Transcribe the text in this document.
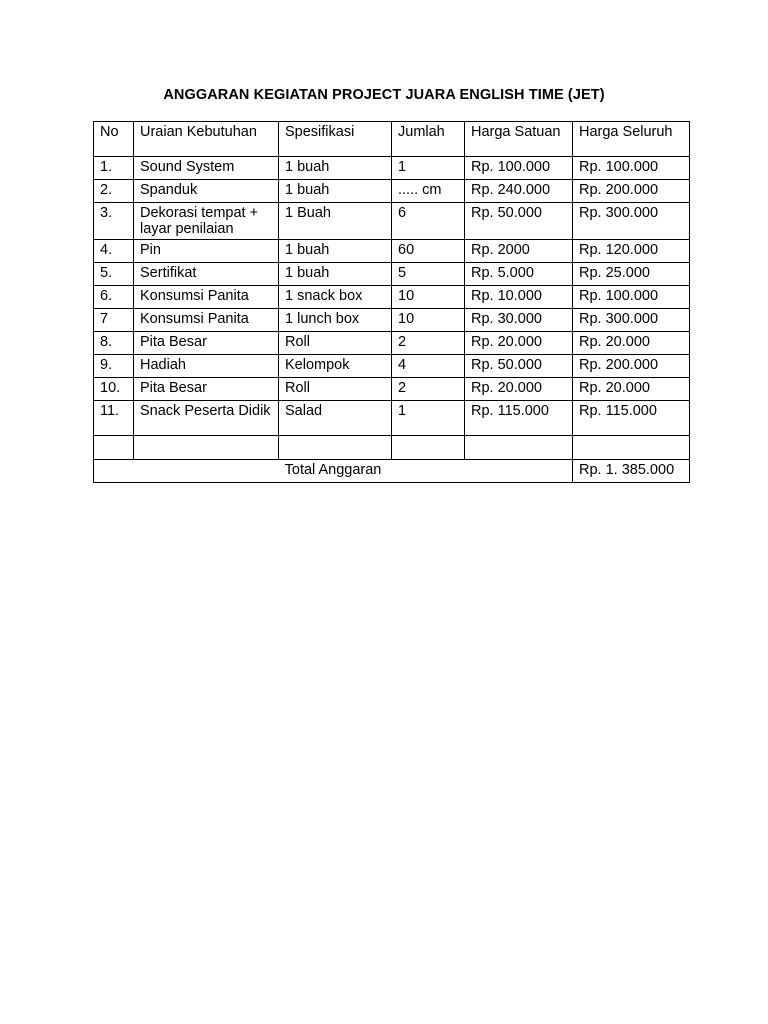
ANGGARAN KEGIATAN PROJECT JUARA ENGLISH TIME (JET)
No	Uraian Kebutuhan	Spesifikasi	Jumlah	Harga Satuan	Harga Seluruh
1.	Sound System	1 buah	1	Rp. 100.000	Rp. 100.000
2.	Spanduk	1 buah	..... cm	Rp. 240.000	Rp. 200.000
3.	Dekorasi tempat + layar penilaian	1 Buah	6	Rp. 50.000	Rp. 300.000
4.	Pin	1 buah	60	Rp. 2000	Rp. 120.000
5.	Sertifikat	1 buah	5	Rp. 5.000	Rp. 25.000
6.	Konsumsi Panita	1 snack box	10	Rp. 10.000	Rp. 100.000
7	Konsumsi Panita	1 lunch box	10	Rp. 30.000	Rp. 300.000
8.	Pita Besar	Roll	2	Rp. 20.000	Rp. 20.000
9.	Hadiah	Kelompok	4	Rp. 50.000	Rp. 200.000
10.	Pita Besar	Roll	2	Rp. 20.000	Rp. 20.000
11.	Snack Peserta Didik	Salad	1	Rp. 115.000	Rp. 115.000

Total Anggaran					Rp. 1. 385.000
